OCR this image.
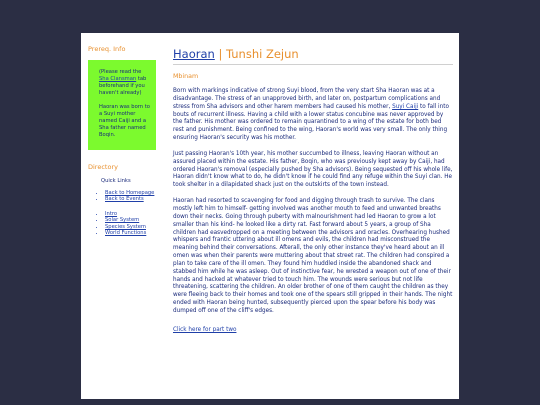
Prereq. Info

(Please read the Sha Clansman tab beforehand if you haven't already)

Haoran was born to a Suyi mother named Caiji and a Sha father named Boqin.

Directory
Quick Links
• Back to Homepage
• Back to Events
• Intro
• Solar System
• Species System
• World Functions
Haoran | Tunshi Zejun
Mbinam

Born with markings indicative of strong Suyi blood, from the very start Sha Haoran was at a disadvantage. The stress of an unapproved birth, and later on, postpartum complications and stress from Sha advisors and other harem members had caused his mother, Suyi Caiji to fall into bouts of recurrent illness. Having a child with a lower status concubine was never approved by the father. His mother was ordered to remain quarantined to a wing of the estate for both bed rest and punishment. Being confined to the wing, Haoran's world was very small. The only thing ensuring Haoran's security was his mother.

Just passing Haoran's 10th year, his mother succumbed to illness, leaving Haoran without an assured placed within the estate. His father, Boqin, who was previously kept away by Caiji, had ordered Haoran's removal (especially pushed by Sha advisors). Being sequested off his whole life, Haoran didn't know what to do, he didn't know if he could find any refuge within the Suyi clan. He took shelter in a dilapidated shack just on the outskirts of the town instead.

Haoran had resorted to scavenging for food and digging through trash to survive. The clans mostly left him to himself- getting involved was another mouth to feed and unwanted breaths down their necks. Going through puberty with malnourishment had led Haoran to grow a lot smaller than his kind- he looked like a dirty rat. Fast forward about 5 years, a group of Sha children had easvedropped on a meeting between the advisors and oracles. Overhearing hushed whispers and frantic uttering about ill omens and evils, the children had misconstrued the meaning behind their conversations. Afterall, the only other instance they've heard about an ill omen was when their parents were muttering about that street rat. The children had conspired a plan to take care of the ill omen. They found him huddled inside the abandoned shack and stabbed him while he was asleep. Out of instinctive fear, he wrested a weapon out of one of their hands and hacked at whatever tried to touch him. The wounds were serious but not life threatening, scattering the children. An older brother of one of them caught the children as they were fleeing back to their homes and took one of the spears still gripped in their hands. The night ended with Haoran being hunted, subsequently pierced upon the spear before his body was dumped off one of the cliff's edges.

Click here for part two
